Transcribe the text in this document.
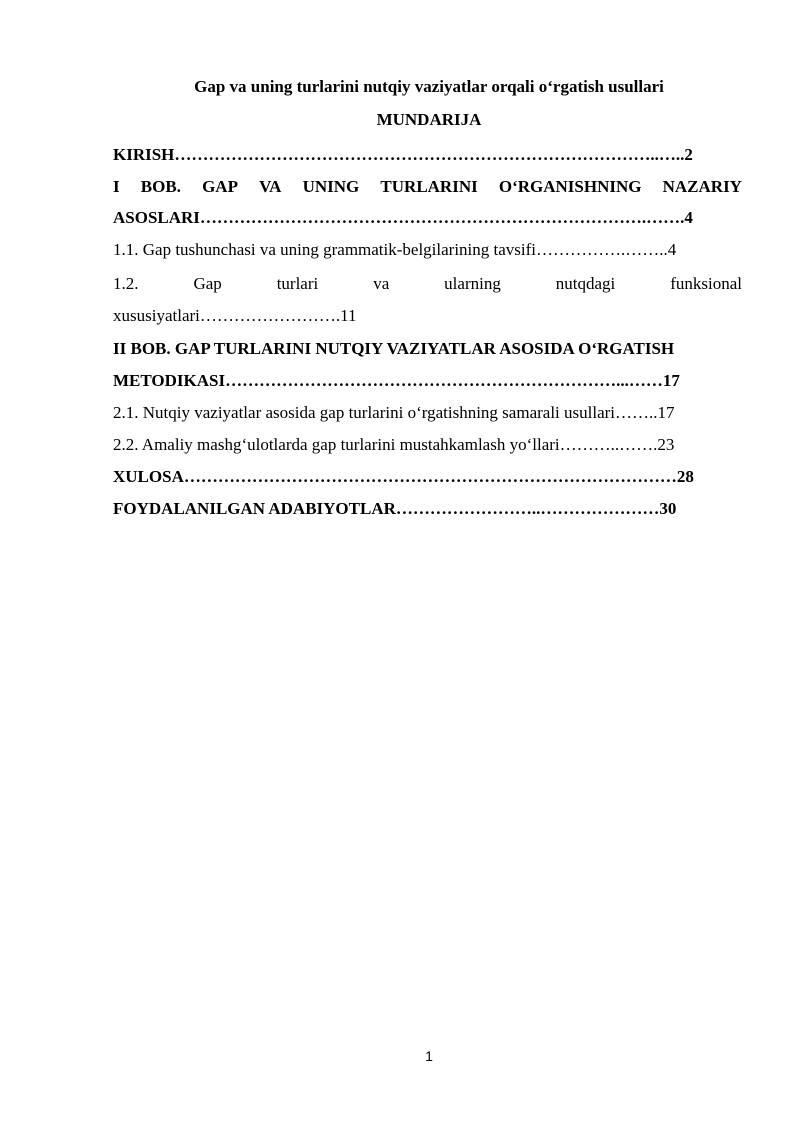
Gap va uning turlarini nutqiy vaziyatlar orqali o‘rgatish usullari
MUNDARIJA
KIRISH…………………………………………………………………………..…..2
I BOB. GAP VA UNING TURLARINI O‘RGANISHNING NAZARIY
ASOSLARI…………………………………………………………………….…….4
1.1. Gap tushunchasi va uning grammatik-belgilarining tavsifi…………….……..4
1.2.	Gap	turlari	va	ularning	nutqdagi	funksional
xususiyatlari…………………….11
II BOB. GAP TURLARINI NUTQIY VAZIYATLAR ASOSIDA O‘RGATISH
METODIKASI……………………………………………………………...……17
2.1. Nutqiy vaziyatlar asosida gap turlarini o‘rgatishning samarali usullari……..17
2.2. Amaliy mashg‘ulotlarda gap turlarini mustahkamlash yo‘llari………..…….23
XULOSA……………………………………………………………………………28
FOYDALANILGAN ADABIYOTLAR……………………..…………………30
1
